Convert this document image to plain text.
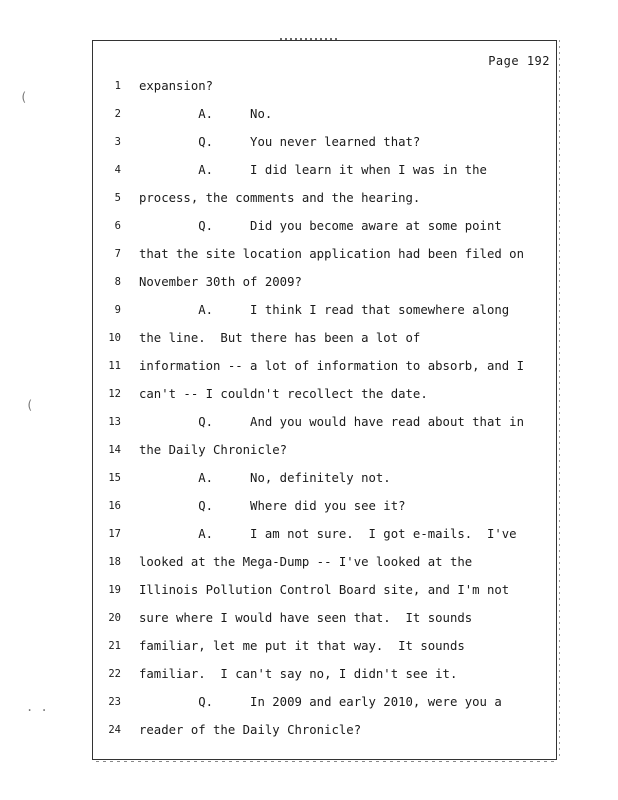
(
(
. .
Page 192
1 expansion?
2 A.     No.
3 Q.     You never learned that?
4 A.     I did learn it when I was in the
5 process, the comments and the hearing.
6 Q.     Did you become aware at some point
7 that the site location application had been filed on
8 November 30th of 2009?
9 A.     I think I read that somewhere along
10 the line.  But there has been a lot of
11 information -- a lot of information to absorb, and I
12 can't -- I couldn't recollect the date.
13 Q.     And you would have read about that in
14 the Daily Chronicle?
15 A.     No, definitely not.
16 Q.     Where did you see it?
17 A.     I am not sure.  I got e-mails.  I've
18 looked at the Mega-Dump -- I've looked at the
19 Illinois Pollution Control Board site, and I'm not
20 sure where I would have seen that.  It sounds
21 familiar, let me put it that way.  It sounds
22 familiar.  I can't say no, I didn't see it.
23 Q.     In 2009 and early 2010, were you a
24 reader of the Daily Chronicle?
